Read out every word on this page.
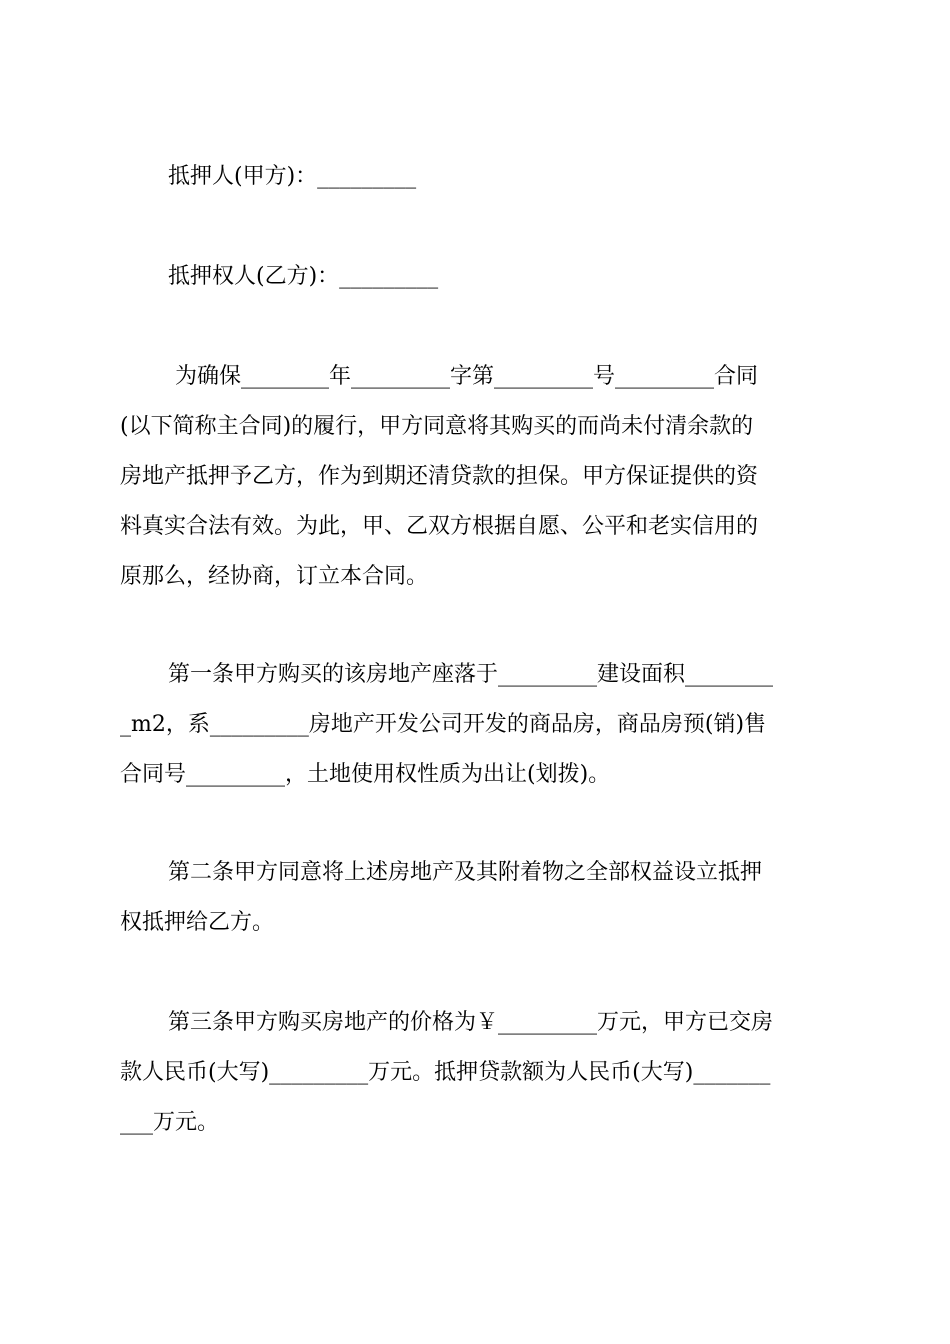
抵押人(甲方)：_________
抵押权人(乙方)：_________
为确保________年_________字第_________号_________合同
(以下简称主合同)的履行，甲方同意将其购买的而尚未付清余款的
房地产抵押予乙方，作为到期还清贷款的担保。甲方保证提供的资
料真实合法有效。为此，甲、乙双方根据自愿、公平和老实信用的
原那么，经协商，订立本合同。
第一条甲方购买的该房地产座落于_________建设面积________
_m2，系_________房地产开发公司开发的商品房，商品房预(销)售
合同号_________，土地使用权性质为出让(划拨)。
第二条甲方同意将上述房地产及其附着物之全部权益设立抵押
权抵押给乙方。
第三条甲方购买房地产的价格为￥_________万元，甲方已交房
款人民币(大写)_________万元。抵押贷款额为人民币(大写)_______
___万元。
